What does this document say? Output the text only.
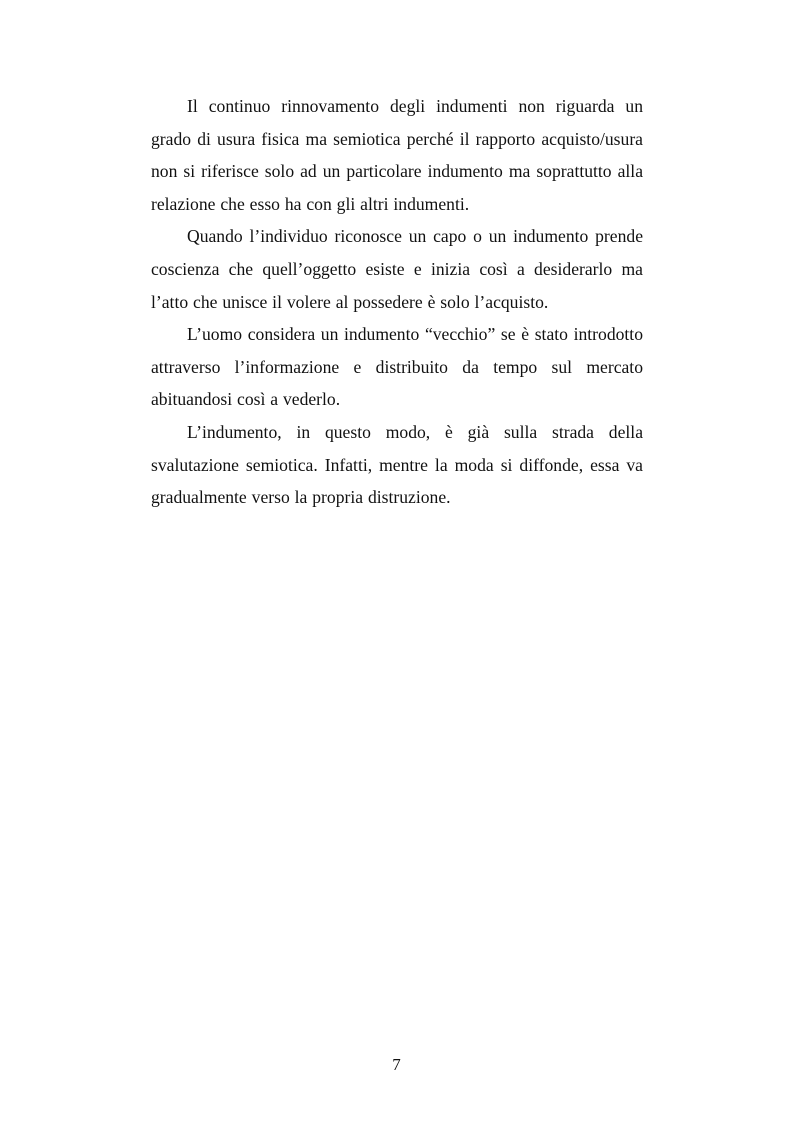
Il continuo rinnovamento degli indumenti non riguarda un grado di usura fisica ma semiotica perché il rapporto acquisto/usura non si riferisce solo ad un particolare indumento ma soprattutto alla relazione che esso ha con gli altri indumenti.

Quando l’individuo riconosce un capo o un indumento prende coscienza che quell’oggetto esiste e inizia così a desiderarlo ma l’atto che unisce il volere al possedere è solo l’acquisto.

L’uomo considera un indumento “vecchio” se è stato introdotto attraverso l’informazione e distribuito da tempo sul mercato abituandosi così a vederlo.

L’indumento, in questo modo, è già sulla strada della svalutazione semiotica. Infatti, mentre la moda si diffonde, essa va gradualmente verso la propria distruzione.

7
